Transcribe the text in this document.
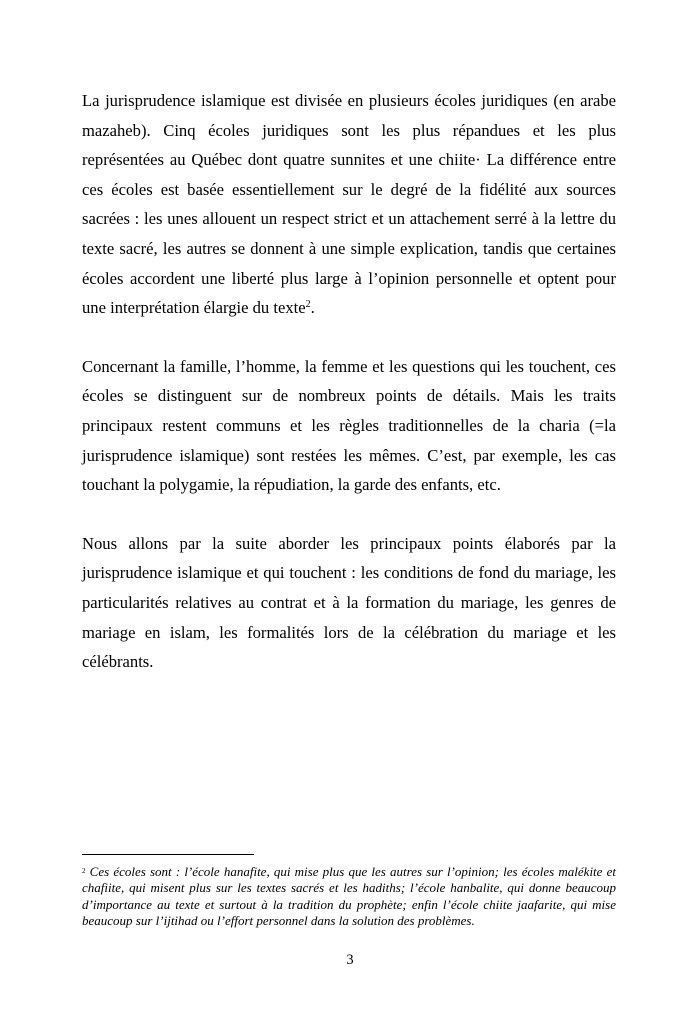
La jurisprudence islamique est divisée en plusieurs écoles juridiques (en arabe mazaheb). Cinq écoles juridiques sont les plus répandues et les plus représentées au Québec dont quatre sunnites et une chiite· La différence entre ces écoles est basée essentiellement sur le degré de la fidélité aux sources sacrées : les unes allouent un respect strict et un attachement serré à la lettre du texte sacré, les autres se donnent à une simple explication, tandis que certaines écoles accordent une liberté plus large à l’opinion personnelle et optent pour une interprétation élargie du texte$^2$.

Concernant la famille, l’homme, la femme et les questions qui les touchent, ces écoles se distinguent sur de nombreux points de détails. Mais les traits principaux restent communs et les règles traditionnelles de la charia (=la jurisprudence islamique) sont restées les mêmes. C’est, par exemple, les cas touchant la polygamie, la répudiation, la garde des enfants, etc.

Nous allons par la suite aborder les principaux points élaborés par la jurisprudence islamique et qui touchent : les conditions de fond du mariage, les particularités relatives au contrat et à la formation du mariage, les genres de mariage en islam, les formalités lors de la célébration du mariage et les célébrants.

$^2$ Ces écoles sont : l’école hanafite, qui mise plus que les autres sur l’opinion; les écoles malékite et chafiite, qui misent plus sur les textes sacrés et les hadiths; l’école hanbalite, qui donne beaucoup d’importance au texte et surtout à la tradition du prophète; enfin l’école chiite jaafarite, qui mise beaucoup sur l’ijtihad ou l’effort personnel dans la solution des problèmes.

3
